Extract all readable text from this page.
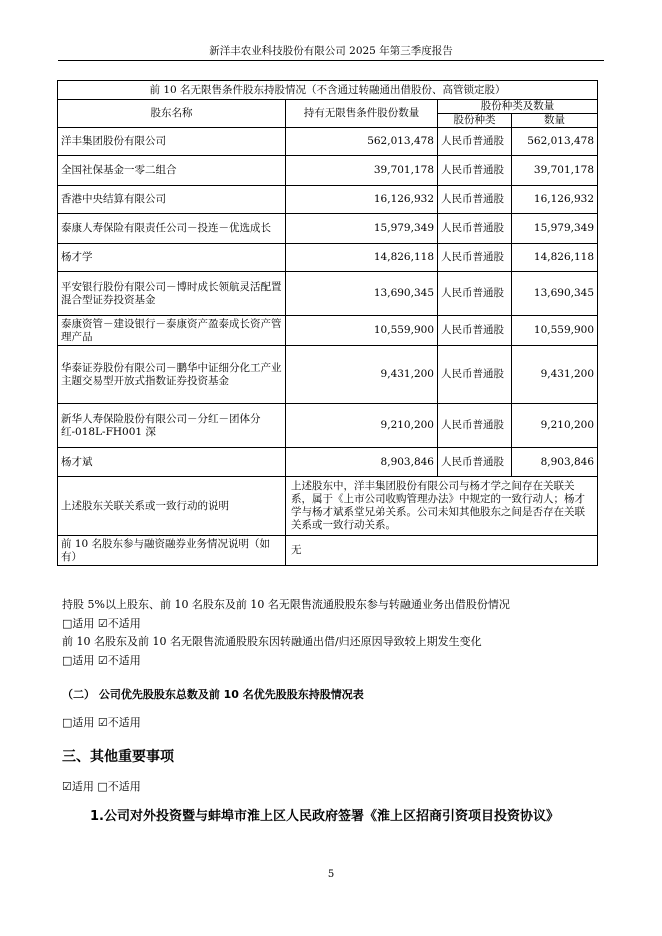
新洋丰农业科技股份有限公司 2025 年第三季度报告
前 10 名无限售条件股东持股情况（不含通过转融通出借股份、高管锁定股）			
股东名称	持有无限售条件股份数量	股份种类及数量	
		股份种类	数量
洋丰集团股份有限公司	562,013,478	人民币普通股	562,013,478
全国社保基金一零二组合	39,701,178	人民币普通股	39,701,178
香港中央结算有限公司	16,126,932	人民币普通股	16,126,932
泰康人寿保险有限责任公司－投连－优选成长	15,979,349	人民币普通股	15,979,349
杨才学	14,826,118	人民币普通股	14,826,118
平安银行股份有限公司－博时成长领航灵活配置混合型证券投资基金	13,690,345	人民币普通股	13,690,345
泰康资管－建设银行－泰康资产盈泰成长资产管理产品	10,559,900	人民币普通股	10,559,900
华泰证券股份有限公司－鹏华中证细分化工产业主题交易型开放式指数证券投资基金	9,431,200	人民币普通股	9,431,200
新华人寿保险股份有限公司－分红－团体分红-018L-FH001 深	9,210,200	人民币普通股	9,210,200
杨才斌	8,903,846	人民币普通股	8,903,846
上述股东关联关系或一致行动的说明	上述股东中，洋丰集团股份有限公司与杨才学之间存在关联关系，属于《上市公司收购管理办法》中规定的一致行动人；杨才学与杨才斌系堂兄弟关系。公司未知其他股东之间是否存在关联关系或一致行动关系。		
前 10 名股东参与融资融券业务情况说明（如有）	无		
持股 5%以上股东、前 10 名股东及前 10 名无限售流通股股东参与转融通业务出借股份情况
□适用 ☑不适用
前 10 名股东及前 10 名无限售流通股股东因转融通出借/归还原因导致较上期发生变化
□适用 ☑不适用
（二） 公司优先股股东总数及前 10 名优先股股东持股情况表
□适用 ☑不适用
三、其他重要事项
☑适用 □不适用
1.公司对外投资暨与蚌埠市淮上区人民政府签署《淮上区招商引资项目投资协议》
5
